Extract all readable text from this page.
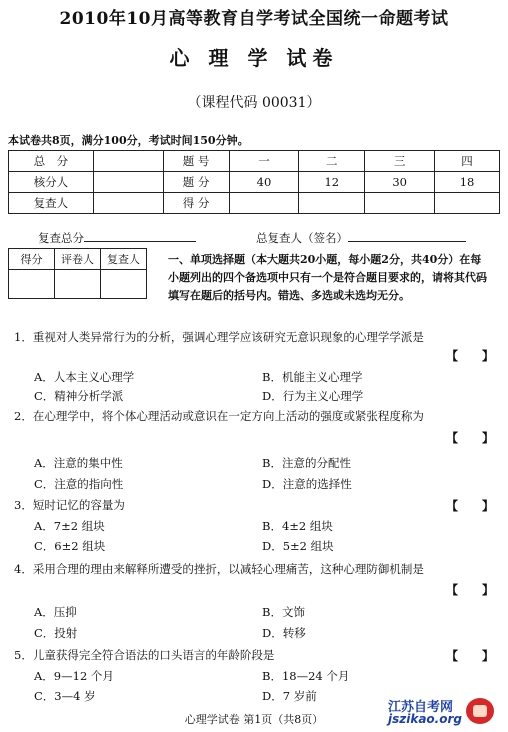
2010年10月高等教育自学考试全国统一命题考试
心 理 学 试卷
（课程代码 00031）
本试卷共8页，满分100分，考试时间150分钟。
总　分		题 号	一	二	三	四
核分人		题 分	40	12	30	18
复查人		得 分				
复查总分	总复查人（签名）
得分	评卷人	复查人
			一、单项选择题（本大题共20小题，每小题2分，共40分）在每小题列出的四个备选项中只有一个是符合题目要求的，请将其代码填写在题后的括号内。错选、多选或未选均无分。
1．重视对人类异常行为的分析，强调心理学应该研究无意识现象的心理学学派是
【　　】
A．人本主义心理学	B．机能主义心理学
C．精神分析学派	D．行为主义心理学
2．在心理学中，将个体心理活动或意识在一定方向上活动的强度或紧张程度称为
【　　】
A．注意的集中性	B．注意的分配性
C．注意的指向性	D．注意的选择性
3．短时记忆的容量为	【　　】
A．7±2 组块	B．4±2 组块
C．6±2 组块	D．5±2 组块
4．采用合理的理由来解释所遭受的挫折，以减轻心理痛苦，这种心理防御机制是
【　　】
A．压抑	B．文饰
C．投射	D．转移
5．儿童获得完全符合语法的口头语言的年龄阶段是	【　　】
A．9—12 个月	B．18—24 个月
C．3—4 岁	D．7 岁前
心理学试卷 第1页（共8页）
江苏自考网
jszikao.org
